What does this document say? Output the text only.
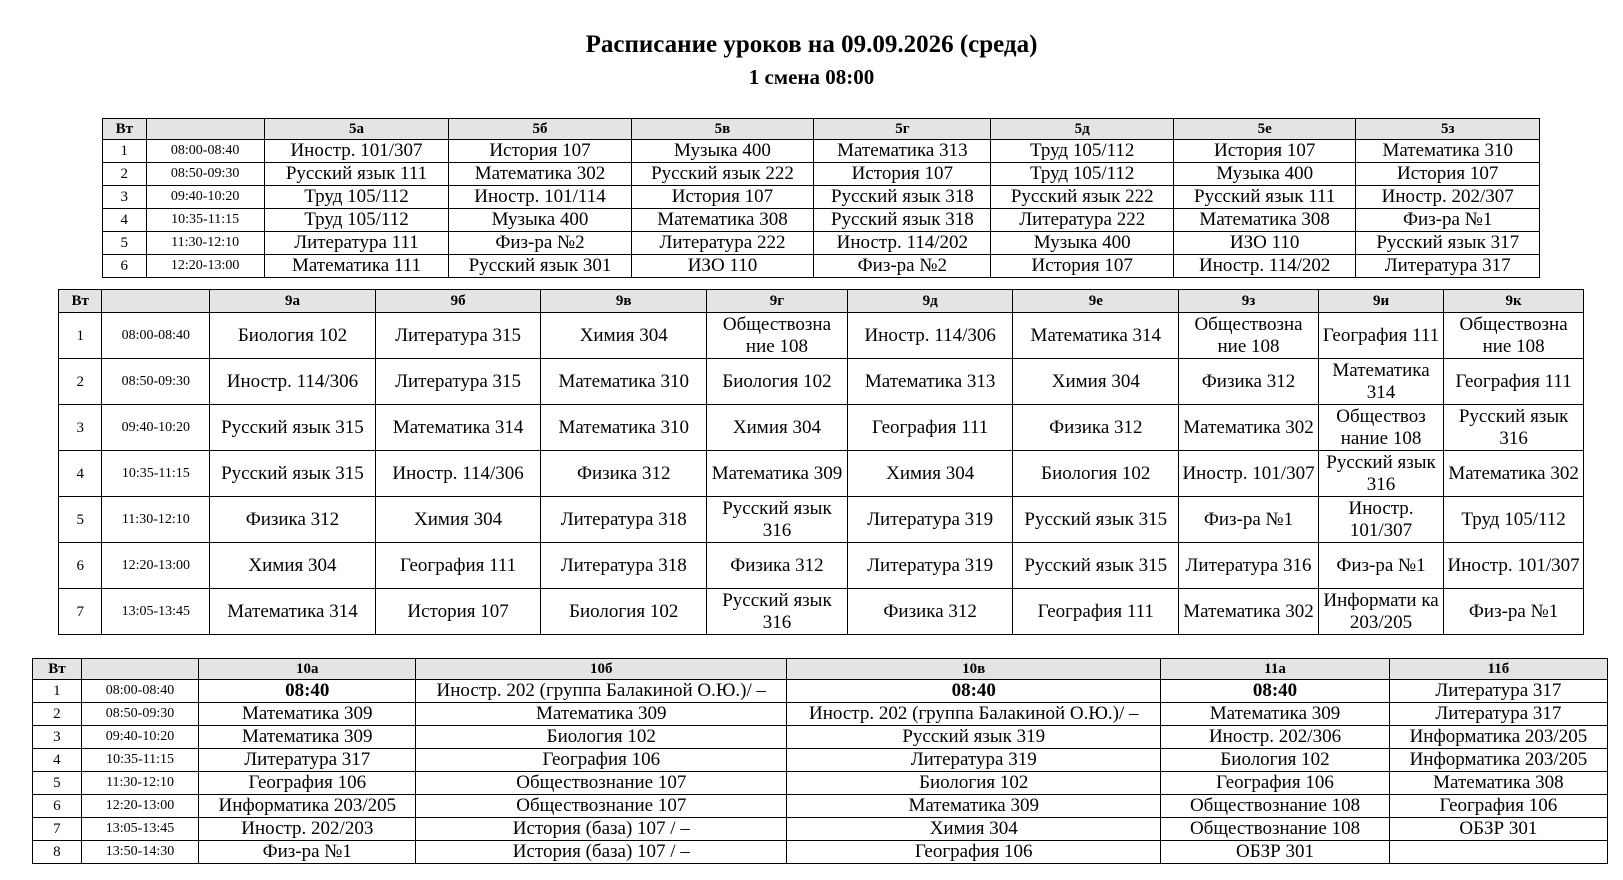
Расписание уроков на 09.09.2026 (среда)
1 смена 08:00
Вт		5а	5б	5в	5г	5д	5е	5з
1	08:00-08:40	Иностр. 101/307	История 107	Музыка 400	Математика 313	Труд 105/112	История 107	Математика 310
2	08:50-09:30	Русский язык 111	Математика 302	Русский язык 222	История 107	Труд 105/112	Музыка 400	История 107
3	09:40-10:20	Труд 105/112	Иностр. 101/114	История 107	Русский язык 318	Русский язык 222	Русский язык 111	Иностр. 202/307
4	10:35-11:15	Труд 105/112	Музыка 400	Математика 308	Русский язык 318	Литература 222	Математика 308	Физ-ра №1
5	11:30-12:10	Литература 111	Физ-ра №2	Литература 222	Иностр. 114/202	Музыка 400	ИЗО 110	Русский язык 317
6	12:20-13:00	Математика 111	Русский язык 301	ИЗО 110	Физ-ра №2	История 107	Иностр. 114/202	Литература 317
Вт		9а	9б	9в	9г	9д	9е	9з	9и	9к
1	08:00-08:40	Биология 102	Литература 315	Химия 304	Обществозна ние 108	Иностр. 114/306	Математика 314	Обществозна ние 108	География 111	Обществозна ние 108
2	08:50-09:30	Иностр. 114/306	Литература 315	Математика 310	Биология 102	Математика 313	Химия 304	Физика 312	Математика 314	География 111
3	09:40-10:20	Русский язык 315	Математика 314	Математика 310	Химия 304	География 111	Физика 312	Математика 302	Обществоз нание 108	Русский язык 316
4	10:35-11:15	Русский язык 315	Иностр. 114/306	Физика 312	Математика 309	Химия 304	Биология 102	Иностр. 101/307	Русский язык 316	Математика 302
5	11:30-12:10	Физика 312	Химия 304	Литература 318	Русский язык 316	Литература 319	Русский язык 315	Физ-ра №1	Иностр. 101/307	Труд 105/112
6	12:20-13:00	Химия 304	География 111	Литература 318	Физика 312	Литература 319	Русский язык 315	Литература 316	Физ-ра №1	Иностр. 101/307
7	13:05-13:45	Математика 314	История 107	Биология 102	Русский язык 316	Физика 312	География 111	Математика 302	Информати ка 203/205	Физ-ра №1
Вт		10а	10б	10в	11а	11б
1	08:00-08:40	08:40	Иностр. 202 (группа Балакиной О.Ю.)/ –	08:40	08:40	Литература 317
2	08:50-09:30	Математика 309	Математика 309	Иностр. 202 (группа Балакиной О.Ю.)/ –	Математика 309	Литература 317
3	09:40-10:20	Математика 309	Биология 102	Русский язык 319	Иностр. 202/306	Информатика 203/205
4	10:35-11:15	Литература 317	География 106	Литература 319	Биология 102	Информатика 203/205
5	11:30-12:10	География 106	Обществознание 107	Биология 102	География 106	Математика 308
6	12:20-13:00	Информатика 203/205	Обществознание 107	Математика 309	Обществознание 108	География 106
7	13:05-13:45	Иностр. 202/203	История (база) 107 / –	Химия 304	Обществознание 108	ОБЗР 301
8	13:50-14:30	Физ-ра №1	История (база) 107 / –	География 106	ОБЗР 301	
